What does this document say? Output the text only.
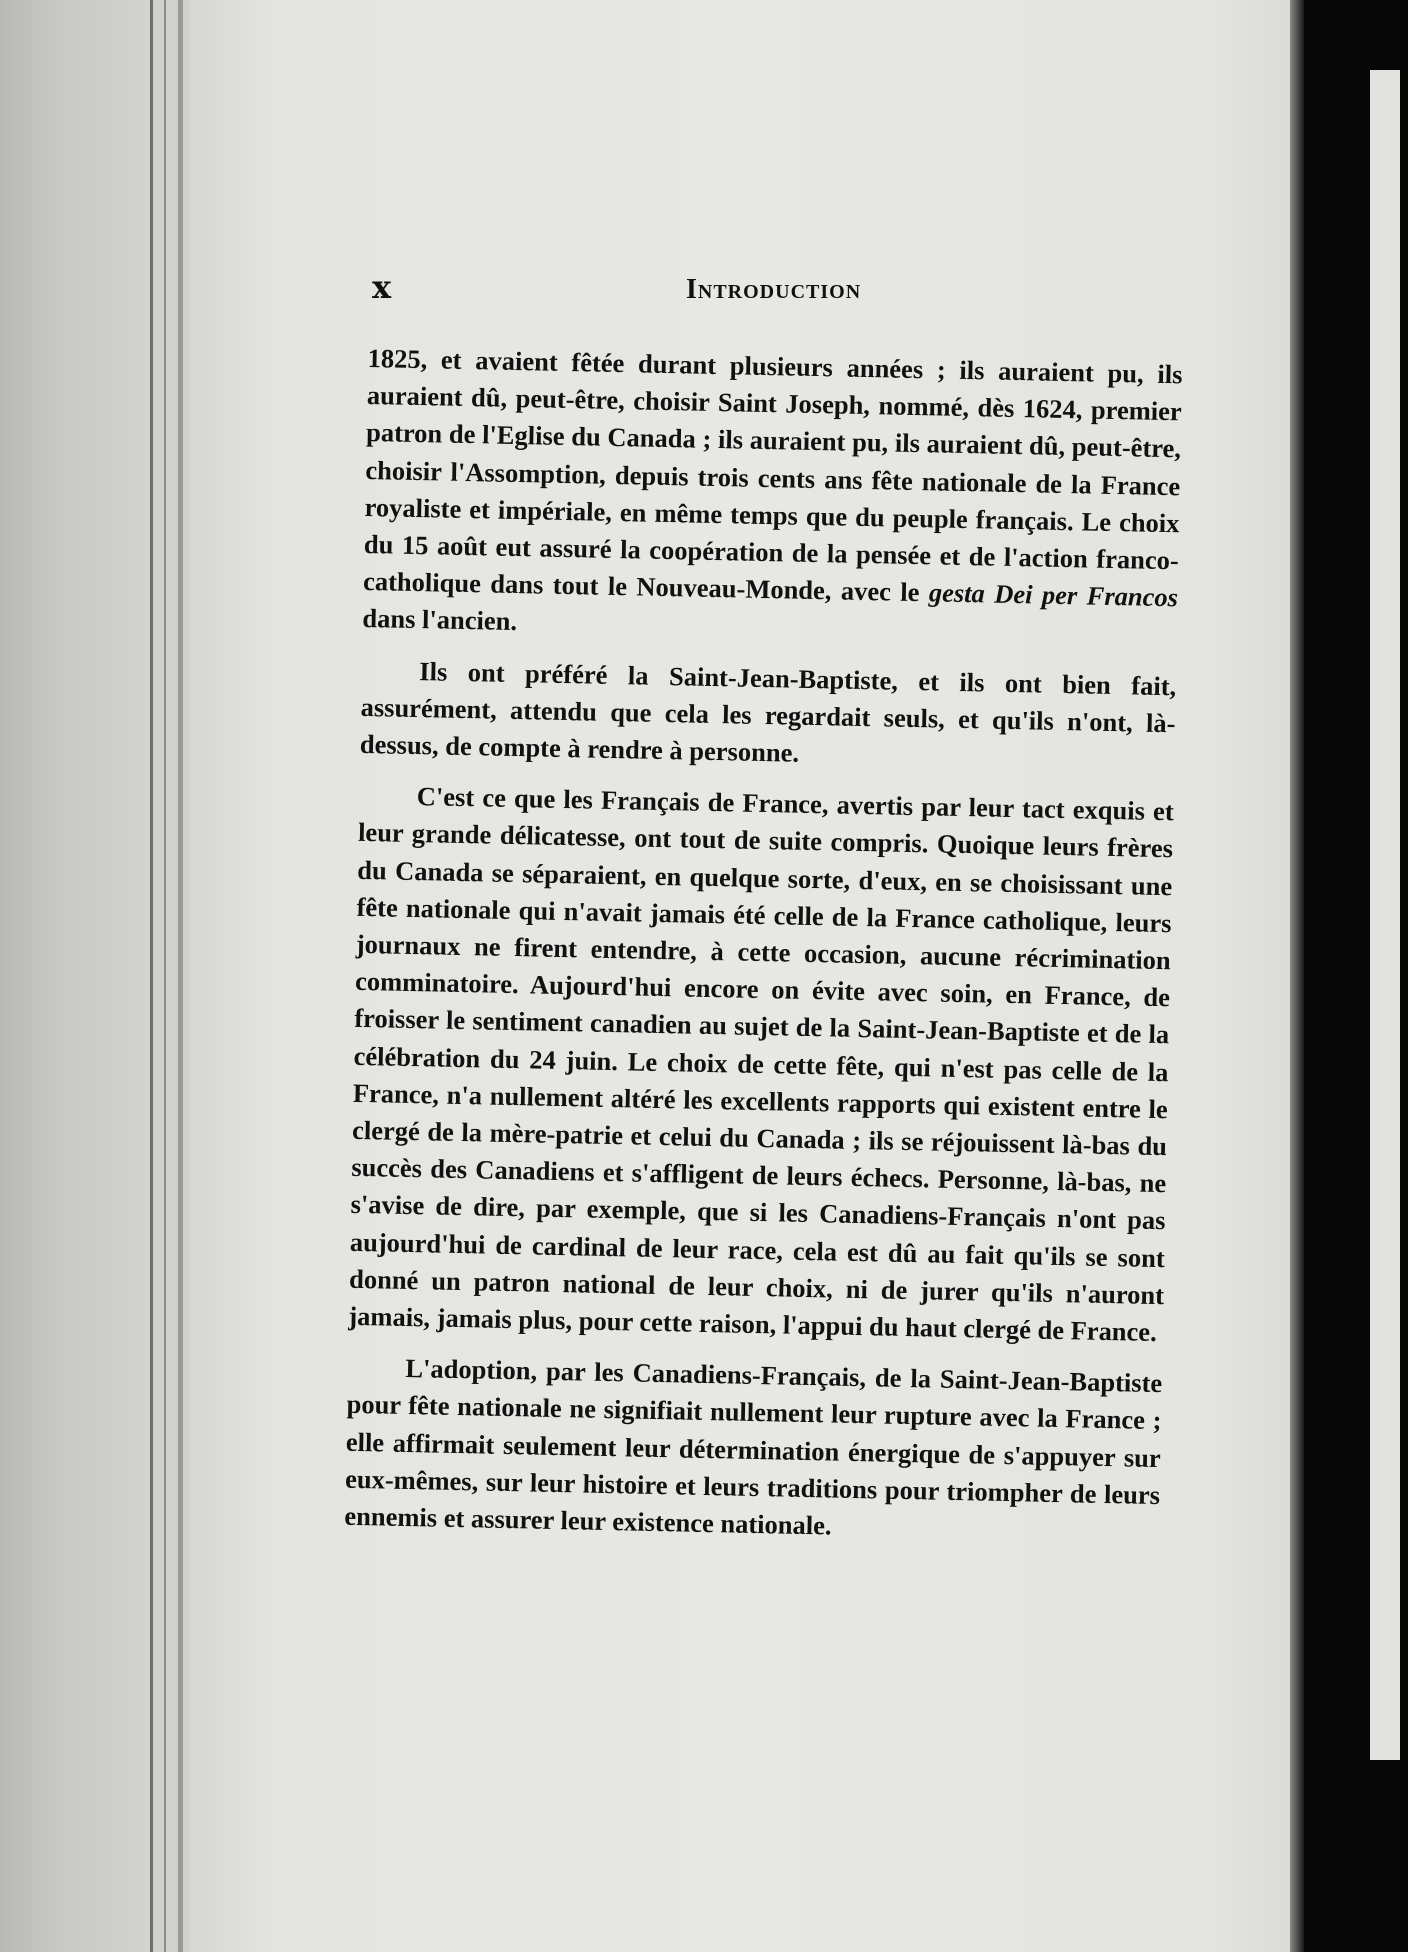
x	Introduction

1825, et avaient fêtée durant plusieurs années ; ils auraient pu, ils auraient dû, peut-être, choisir Saint Joseph, nommé, dès 1624, premier patron de l'Eglise du Canada ; ils auraient pu, ils auraient dû, peut-être, choisir l'Assomption, depuis trois cents ans fête nationale de la France royaliste et impériale, en même temps que du peuple français. Le choix du 15 août eut assuré la coopération de la pensée et de l'action franco-catholique dans tout le Nouveau-Monde, avec le gesta Dei per Francos dans l'ancien.

Ils ont préféré la Saint-Jean-Baptiste, et ils ont bien fait, assurément, attendu que cela les regardait seuls, et qu'ils n'ont, là-dessus, de compte à rendre à personne.

C'est ce que les Français de France, avertis par leur tact exquis et leur grande délicatesse, ont tout de suite compris. Quoique leurs frères du Canada se séparaient, en quelque sorte, d'eux, en se choisissant une fête nationale qui n'avait jamais été celle de la France catholique, leurs journaux ne firent entendre, à cette occasion, aucune récrimination comminatoire. Aujourd'hui encore on évite avec soin, en France, de froisser le sentiment canadien au sujet de la Saint-Jean-Baptiste et de la célébration du 24 juin. Le choix de cette fête, qui n'est pas celle de la France, n'a nullement altéré les excellents rapports qui existent entre le clergé de la mère-patrie et celui du Canada ; ils se réjouissent là-bas du succès des Canadiens et s'affligent de leurs échecs. Personne, là-bas, ne s'avise de dire, par exemple, que si les Canadiens-Français n'ont pas aujourd'hui de cardinal de leur race, cela est dû au fait qu'ils se sont donné un patron national de leur choix, ni de jurer qu'ils n'auront jamais, jamais plus, pour cette raison, l'appui du haut clergé de France.

L'adoption, par les Canadiens-Français, de la Saint-Jean-Baptiste pour fête nationale ne signifiait nullement leur rupture avec la France ; elle affirmait seulement leur détermination énergique de s'appuyer sur eux-mêmes, sur leur histoire et leurs traditions pour triompher de leurs ennemis et assurer leur existence nationale.
